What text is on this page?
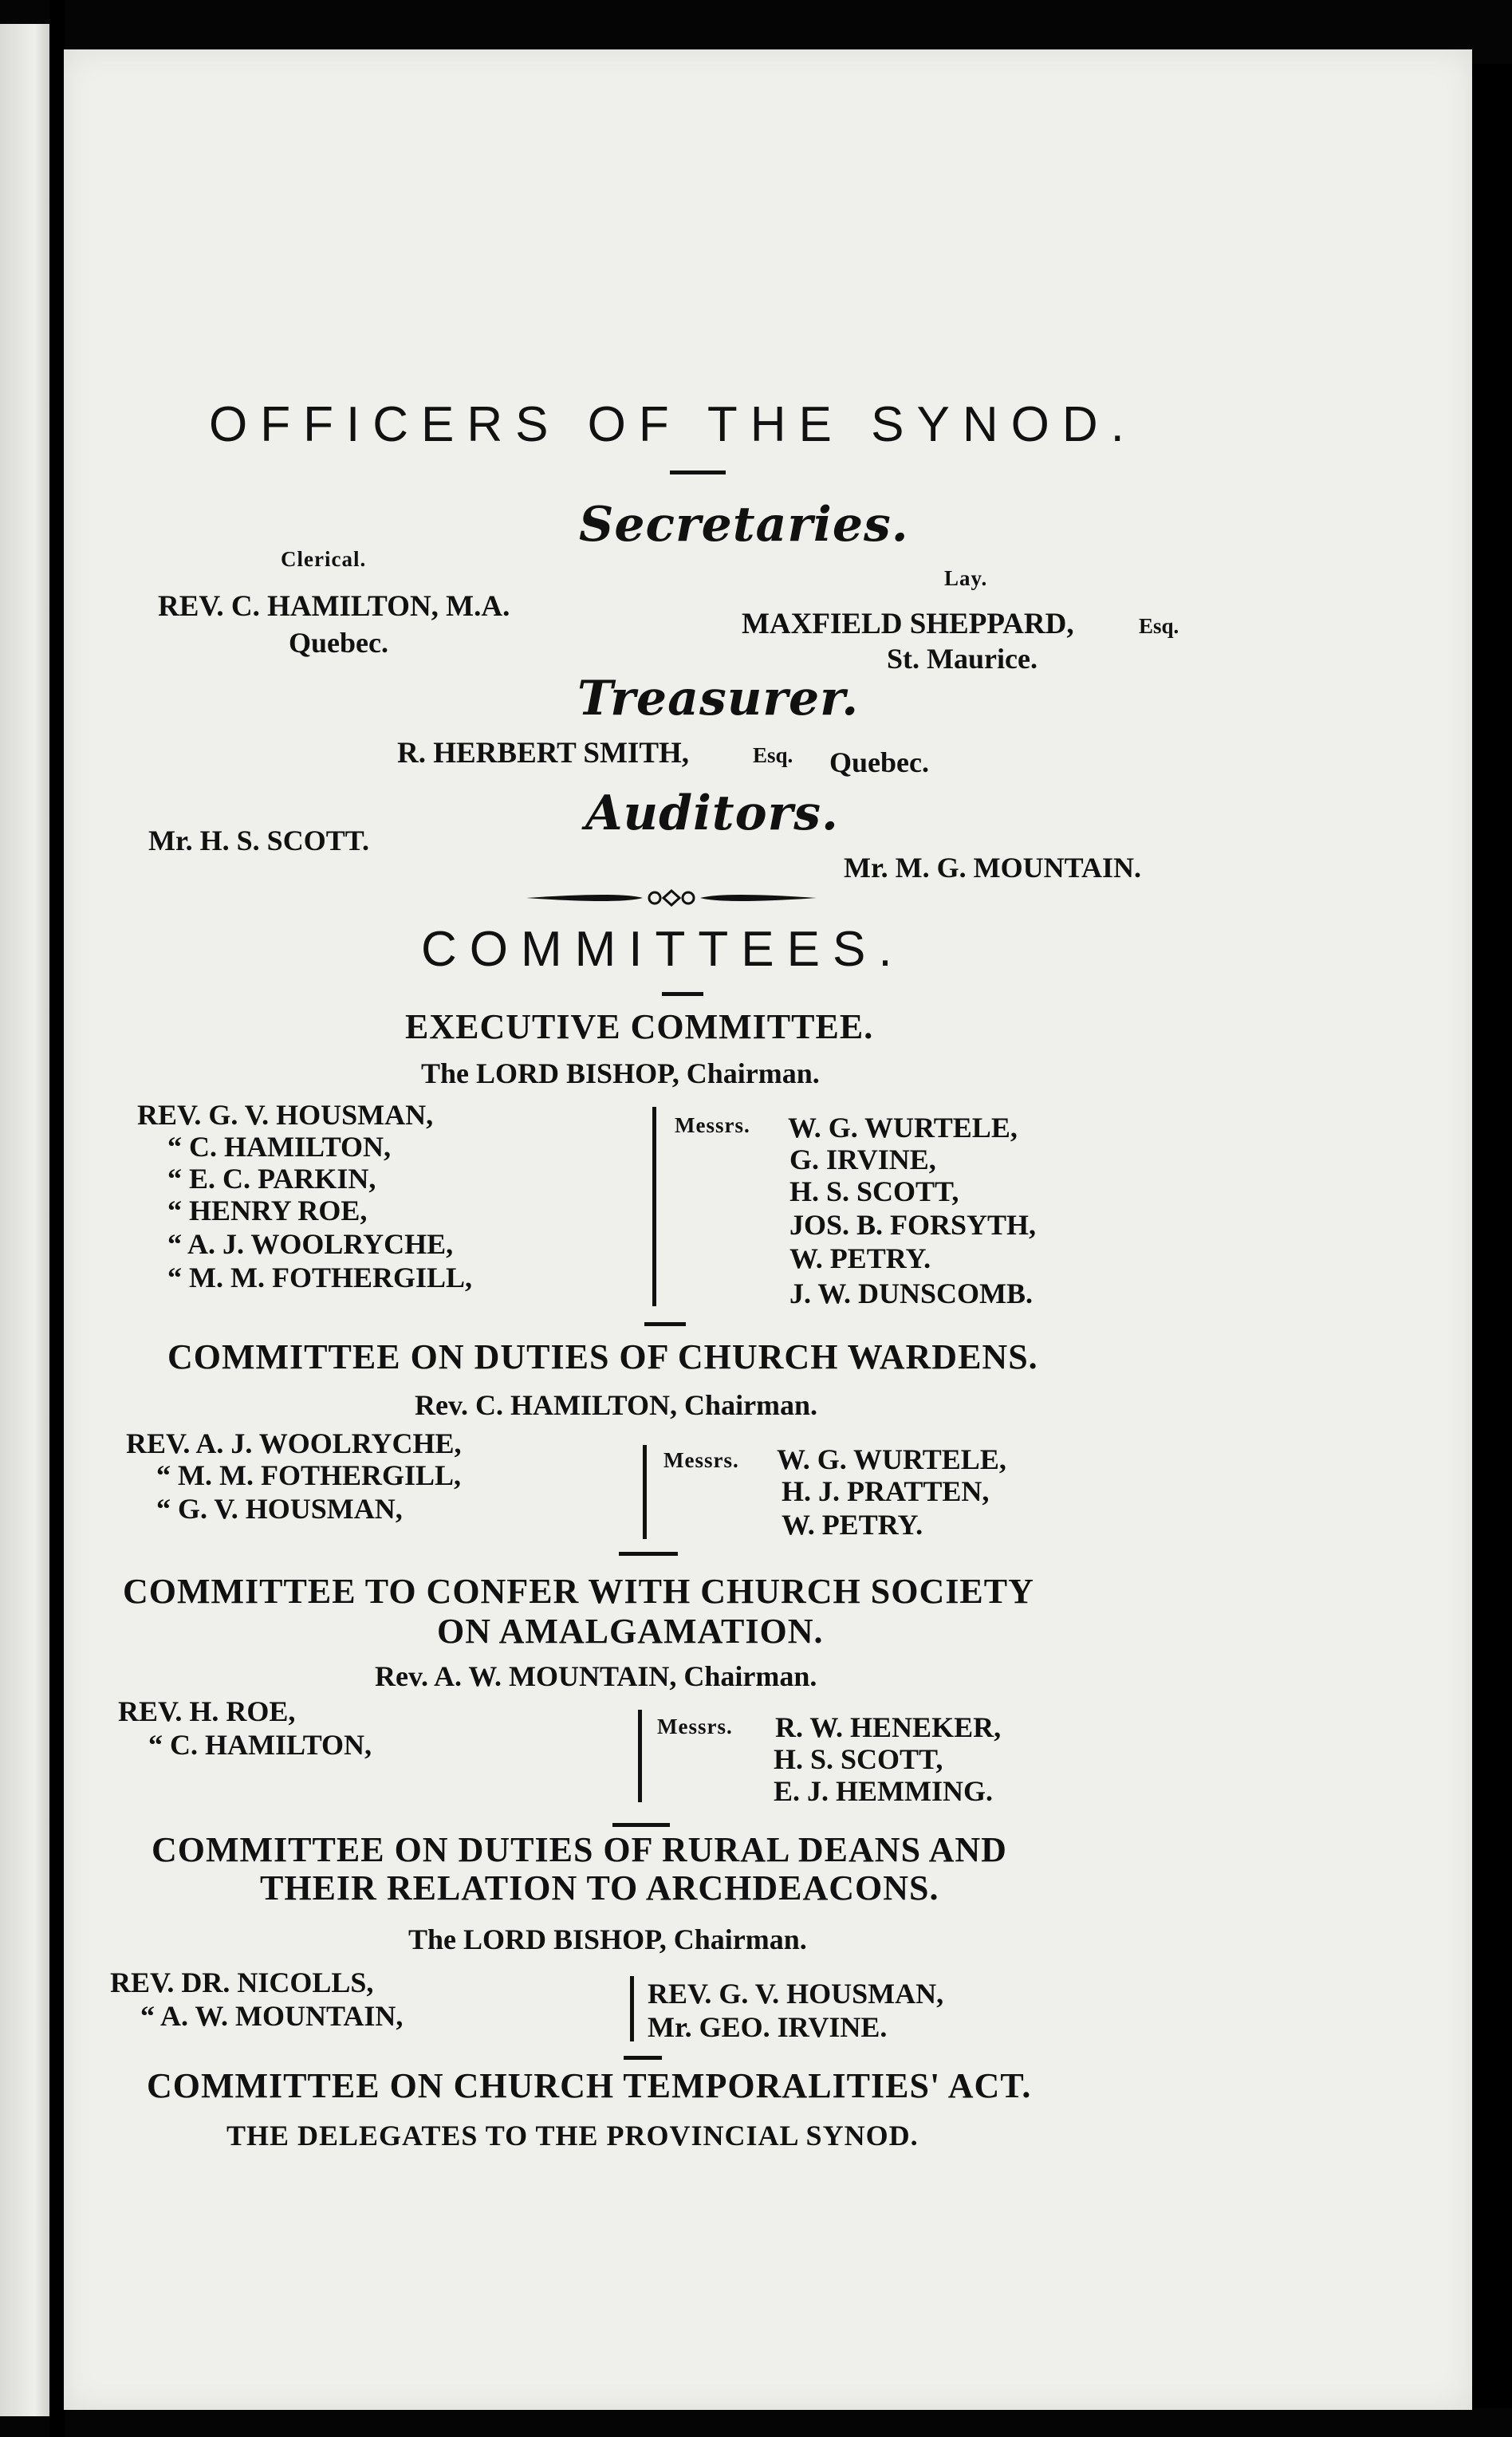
OFFICERS OF THE SYNOD.
Secretaries.
Clerical.
REV. C. HAMILTON, M.A.
Quebec.
Lay.
MAXFIELD SHEPPARD,	Esq.
St. Maurice.
Treasurer.
R. HERBERT SMITH,	Esq. Quebec.
Auditors.
Mr. H. S. SCOTT.
Mr. M. G. MOUNTAIN.
COMMITTEES.
EXECUTIVE COMMITTEE.
The LORD BISHOP, Chairman.
REV. G. V. HOUSMAN,
“ C. HAMILTON,
“ E. C. PARKIN,
“ HENRY ROE,
“ A. J. WOOLRYCHE,
“ M. M. FOTHERGILL,
Messrs. W. G. WURTELE,
G. IRVINE,
H. S. SCOTT,
JOS. B. FORSYTH,
W. PETRY.
J. W. DUNSCOMB.
COMMITTEE ON DUTIES OF CHURCH WARDENS.
Rev. C. HAMILTON, Chairman.
REV. A. J. WOOLRYCHE,
“ M. M. FOTHERGILL,
“ G. V. HOUSMAN,
Messrs. W. G. WURTELE,
H. J. PRATTEN,
W. PETRY.
COMMITTEE TO CONFER WITH CHURCH SOCIETY
ON AMALGAMATION.
Rev. A. W. MOUNTAIN, Chairman.
REV. H. ROE,
“ C. HAMILTON,
Messrs. R. W. HENEKER,
H. S. SCOTT,
E. J. HEMMING.
COMMITTEE ON DUTIES OF RURAL DEANS AND
THEIR RELATION TO ARCHDEACONS.
The LORD BISHOP, Chairman.
REV. DR. NICOLLS,
“ A. W. MOUNTAIN,
REV. G. V. HOUSMAN,
Mr. GEO. IRVINE.
COMMITTEE ON CHURCH TEMPORALITIES' ACT.
THE DELEGATES TO THE PROVINCIAL SYNOD.
